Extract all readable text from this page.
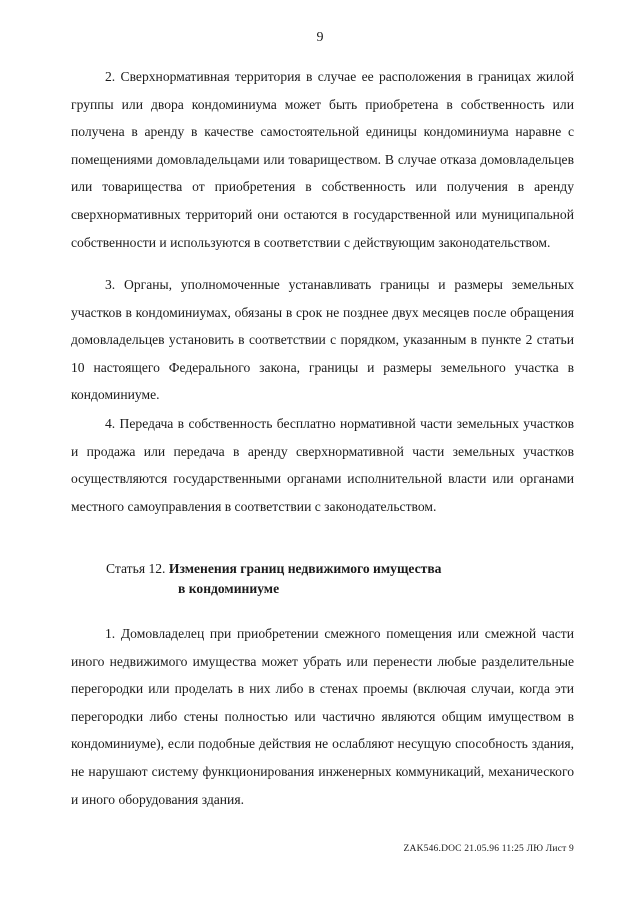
9

2. Сверхнормативная территория в случае ее расположения в границах жилой группы или двора кондоминиума может быть приобретена в собственность или получена в аренду в качестве самостоятельной единицы кондоминиума наравне с помещениями домовладельцами или товариществом. В случае отказа домовладельцев или товарищества от приобретения в собственность или получения в аренду сверхнормативных территорий они остаются в государственной или муниципальной собственности и используются в соответствии с действующим законодательством.

3. Органы, уполномоченные устанавливать границы и размеры земельных участков в кондоминиумах, обязаны в срок не позднее двух месяцев после обращения домовладельцев установить в соответствии с порядком, указанным в пункте 2 статьи 10 настоящего Федерального закона, границы и размеры земельного участка в кондоминиуме.

4. Передача в собственность бесплатно нормативной части земельных участков и продажа или передача в аренду сверхнормативной части земельных участков осуществляются государственными органами исполнительной власти или органами местного самоуправления в соответствии с законодательством.

Статья 12. Изменения границ недвижимого имущества
в кондоминиуме

1. Домовладелец при приобретении смежного помещения или смежной части иного недвижимого имущества может убрать или перенести любые разделительные перегородки или проделать в них либо в стенах проемы (включая случаи, когда эти перегородки либо стены полностью или частично являются общим имуществом в кондоминиуме), если подобные действия не ослабляют несущую способность здания, не нарушают систему функционирования инженерных коммуникаций, механического и иного оборудования здания.

ZAK546.DOC 21.05.96 11:25 ЛЮ Лист 9
